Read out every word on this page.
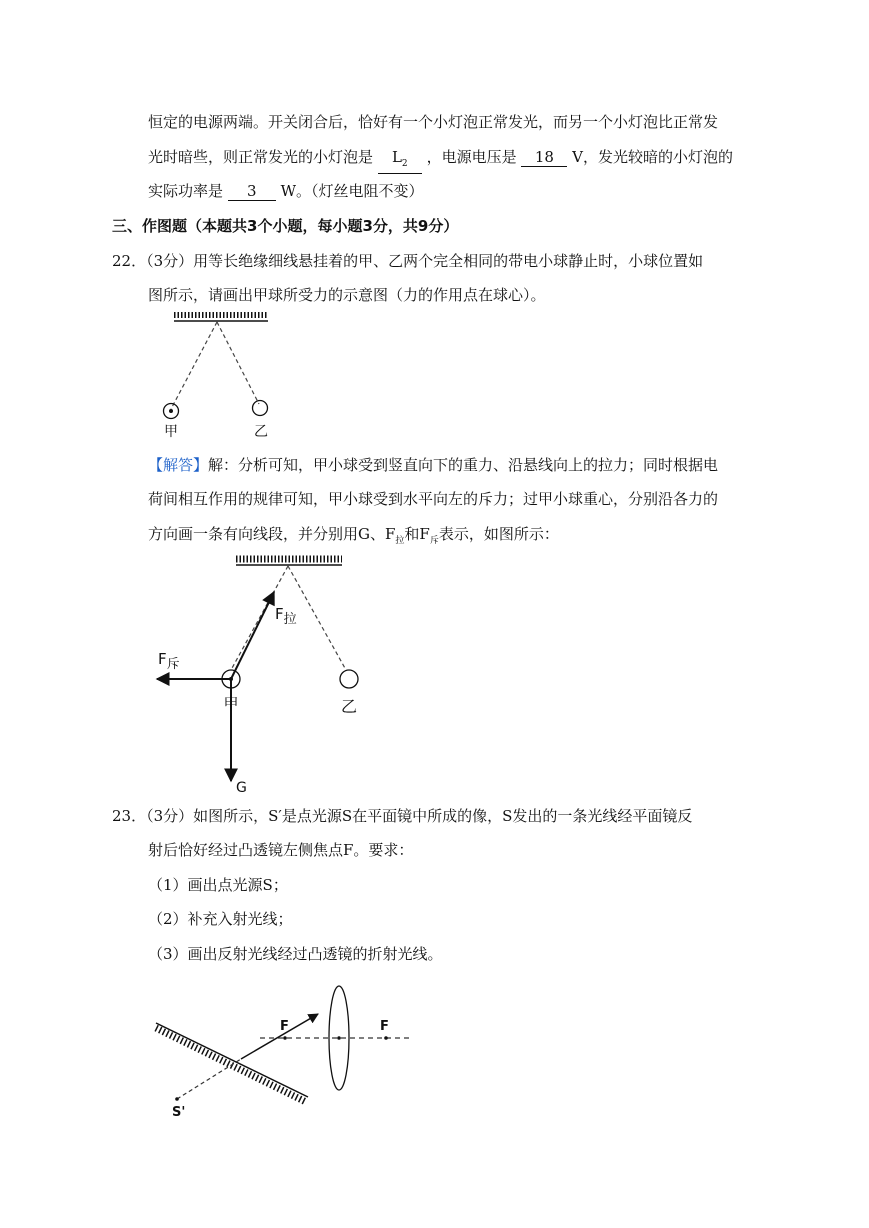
恒定的电源两端。开关闭合后，恰好有一个小灯泡正常发光，而另一个小灯泡比正常发
光时暗些，则正常发光的小灯泡是 $L_2$ ，电源电压是 18 V，发光较暗的小灯泡的
实际功率是 3 W。（灯丝电阻不变）
三、作图题（本题共3个小题，每小题3分，共9分）
22．（3分）用等长绝缘细线悬挂着的甲、乙两个完全相同的带电小球静止时，小球位置如
图所示，请画出甲球所受力的示意图（力的作用点在球心）。
甲	乙
【解答】解：分析可知，甲小球受到竖直向下的重力、沿悬线向上的拉力；同时根据电
荷间相互作用的规律可知，甲小球受到水平向左的斥力；过甲小球重心，分别沿各力的
方向画一条有向线段，并分别用G、$F_拉$和$F_斥$表示，如图所示：
F拉
F斥
G
甲	乙
23．（3分）如图所示，S′是点光源S在平面镜中所成的像，S发出的一条光线经平面镜反
射后恰好经过凸透镜左侧焦点F。要求：
（1）画出点光源S；
（2）补充入射光线；
（3）画出反射光线经过凸透镜的折射光线。
F	F
S'
